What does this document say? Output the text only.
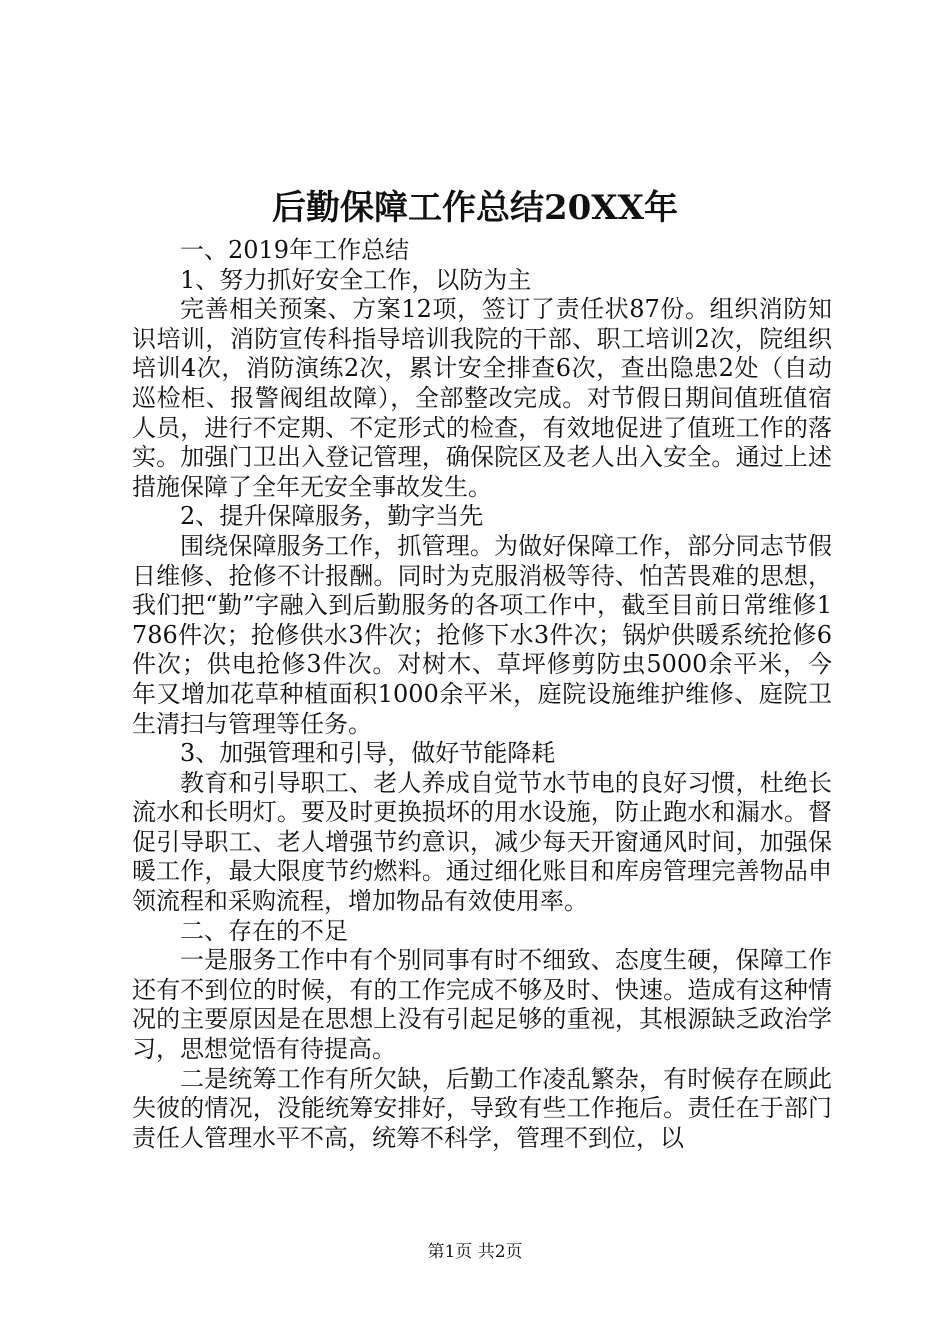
后勤保障工作总结20XX年

一、2019年工作总结

1、努力抓好安全工作，以防为主

完善相关预案、方案12项，签订了责任状87份。组织消防知识培训，消防宣传科指导培训我院的干部、职工培训2次，院组织培训4次，消防演练2次，累计安全排查6次，查出隐患2处（自动巡检柜、报警阀组故障），全部整改完成。对节假日期间值班值宿人员，进行不定期、不定形式的检查，有效地促进了值班工作的落实。加强门卫出入登记管理，确保院区及老人出入安全。通过上述措施保障了全年无安全事故发生。

2、提升保障服务，勤字当先

围绕保障服务工作，抓管理。为做好保障工作，部分同志节假日维修、抢修不计报酬。同时为克服消极等待、怕苦畏难的思想，我们把“勤”字融入到后勤服务的各项工作中，截至目前日常维修1786件次；抢修供水3件次；抢修下水3件次；锅炉供暖系统抢修6件次；供电抢修3件次。对树木、草坪修剪防虫5000余平米，今年又增加花草种植面积1000余平米，庭院设施维护维修、庭院卫生清扫与管理等任务。

3、加强管理和引导，做好节能降耗

教育和引导职工、老人养成自觉节水节电的良好习惯，杜绝长流水和长明灯。要及时更换损坏的用水设施，防止跑水和漏水。督促引导职工、老人增强节约意识，减少每天开窗通风时间，加强保暖工作，最大限度节约燃料。通过细化账目和库房管理完善物品申领流程和采购流程，增加物品有效使用率。

二、存在的不足

一是服务工作中有个别同事有时不细致、态度生硬，保障工作还有不到位的时候，有的工作完成不够及时、快速。造成有这种情况的主要原因是在思想上没有引起足够的重视，其根源缺乏政治学习，思想觉悟有待提高。

二是统筹工作有所欠缺，后勤工作凌乱繁杂，有时候存在顾此失彼的情况，没能统筹安排好，导致有些工作拖后。责任在于部门责任人管理水平不高，统筹不科学，管理不到位，以

第1页 共2页
